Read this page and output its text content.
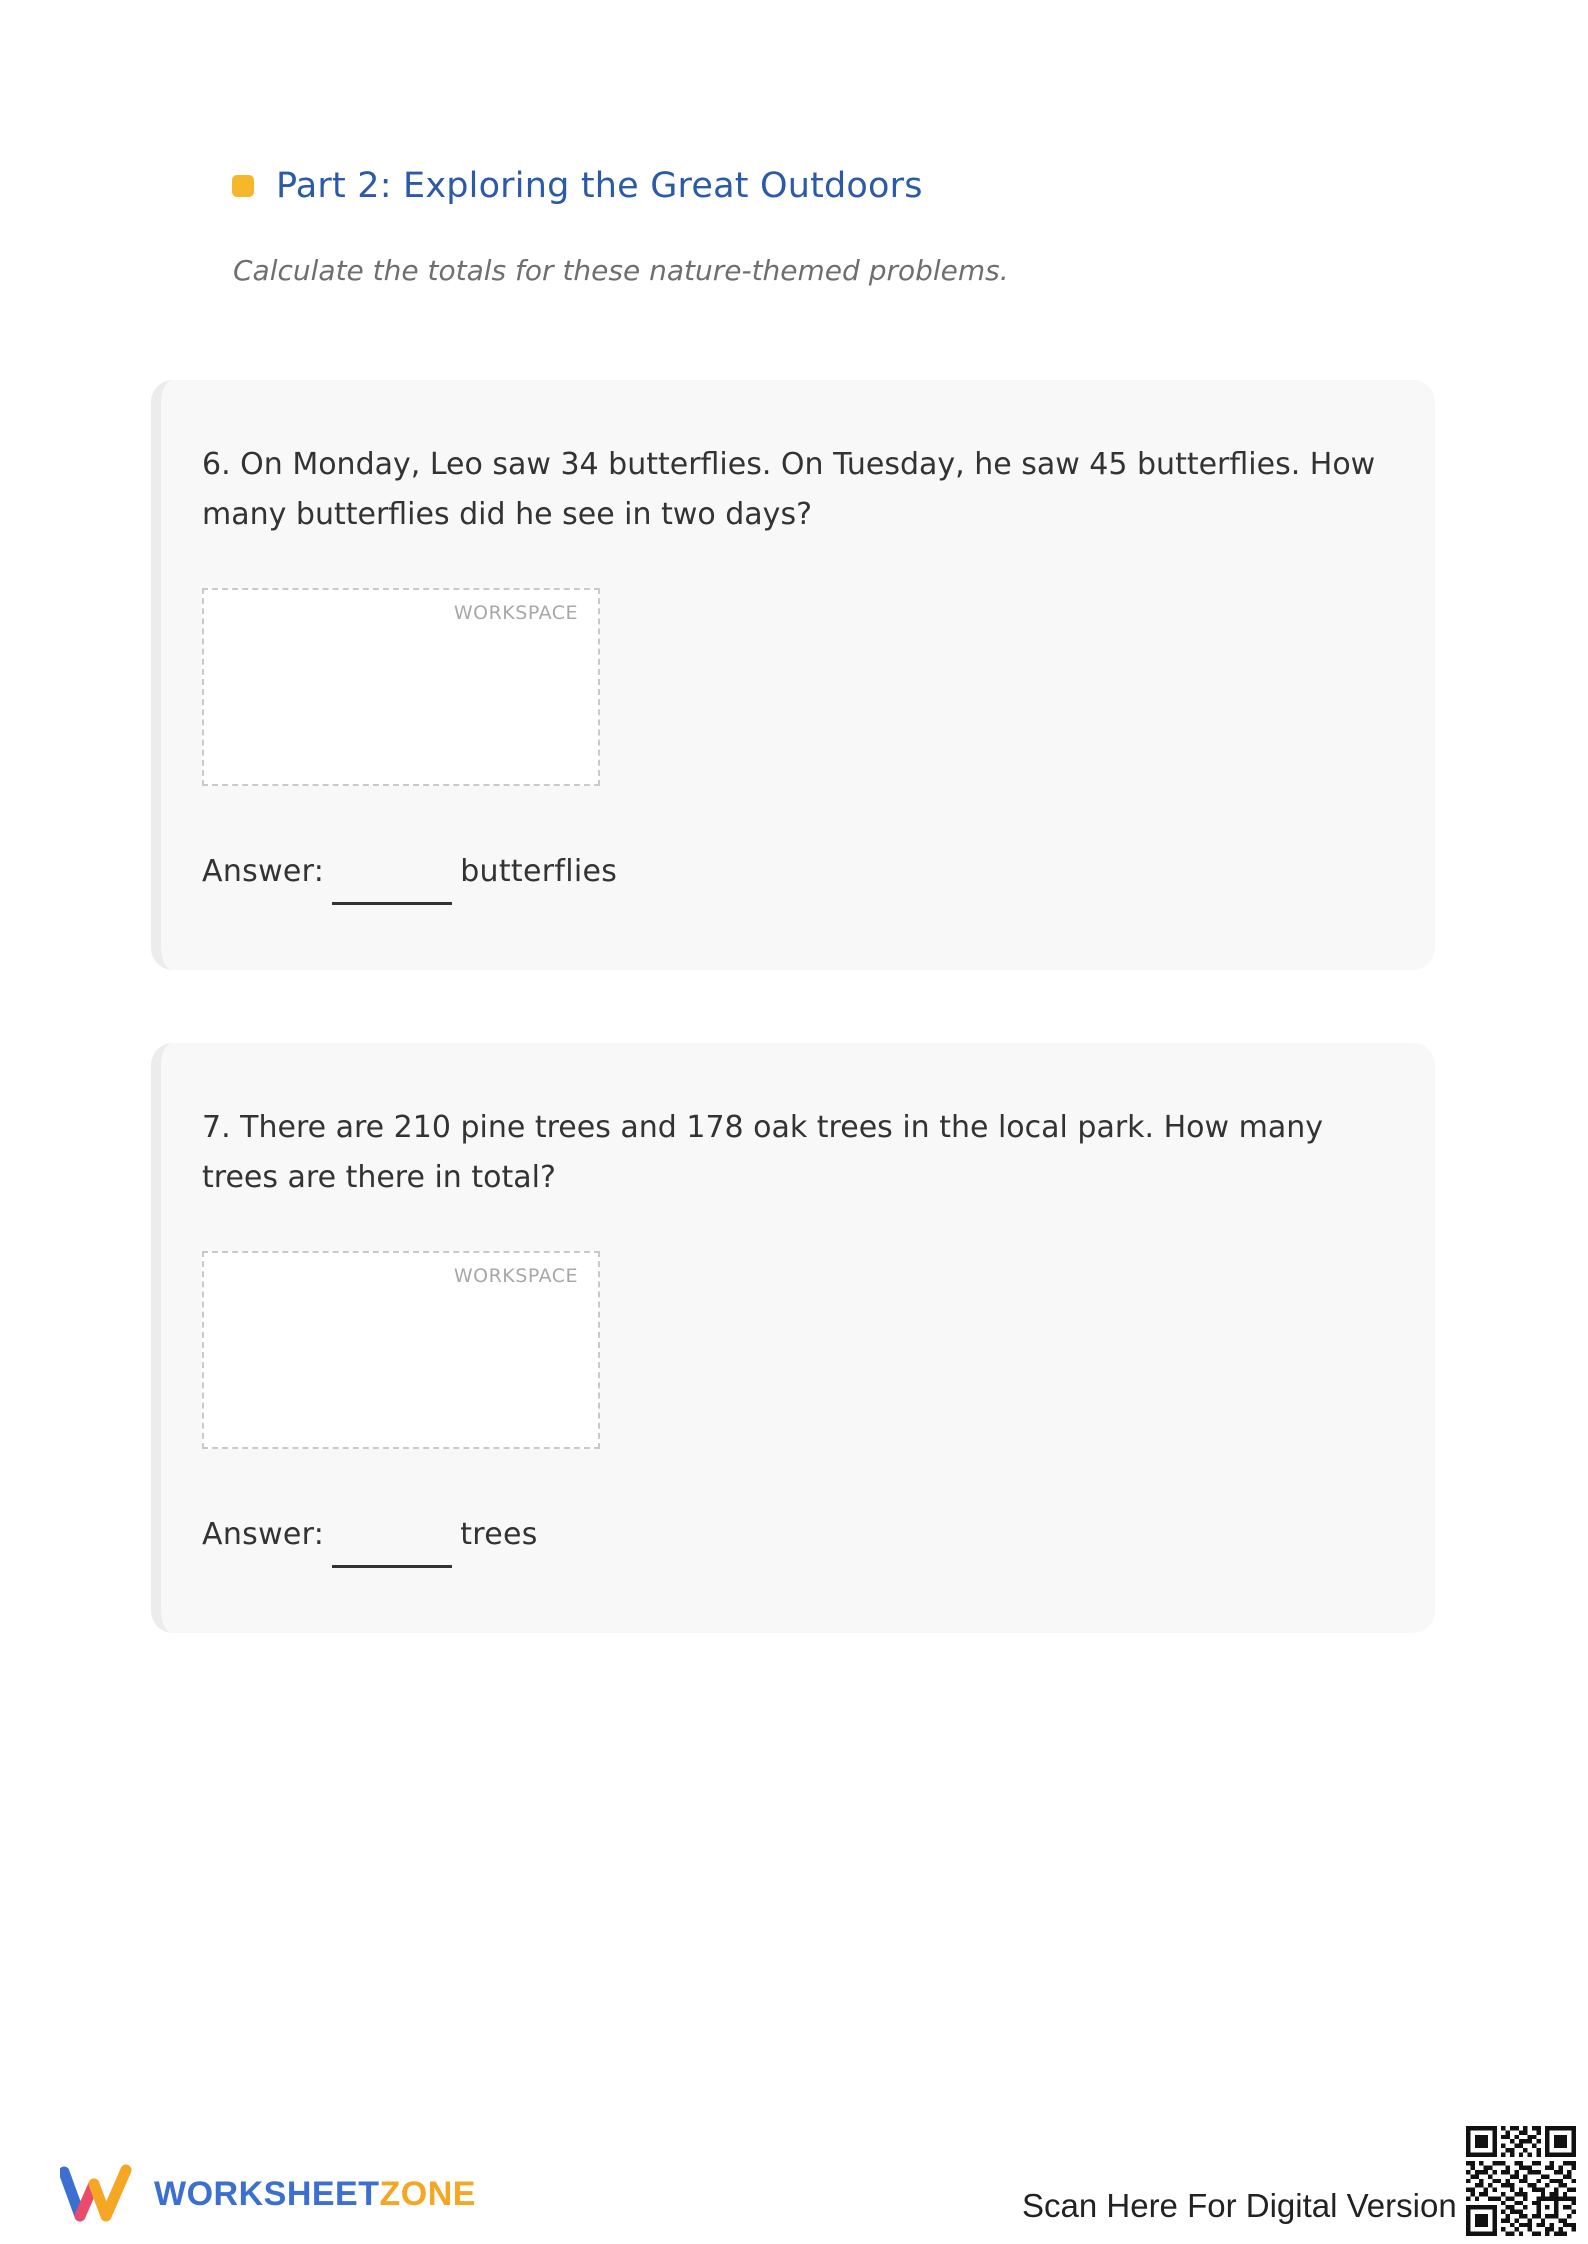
Part 2: Exploring the Great Outdoors

Calculate the totals for these nature-themed problems.

6. On Monday, Leo saw 34 butterflies. On Tuesday, he saw 45 butterflies. How many butterflies did he see in two days?

WORKSPACE
Answer:	butterflies

7. There are 210 pine trees and 178 oak trees in the local park. How many trees are there in total?

WORKSPACE
Answer:	trees
WORKSHEETZONE	Scan Here For Digital Version
